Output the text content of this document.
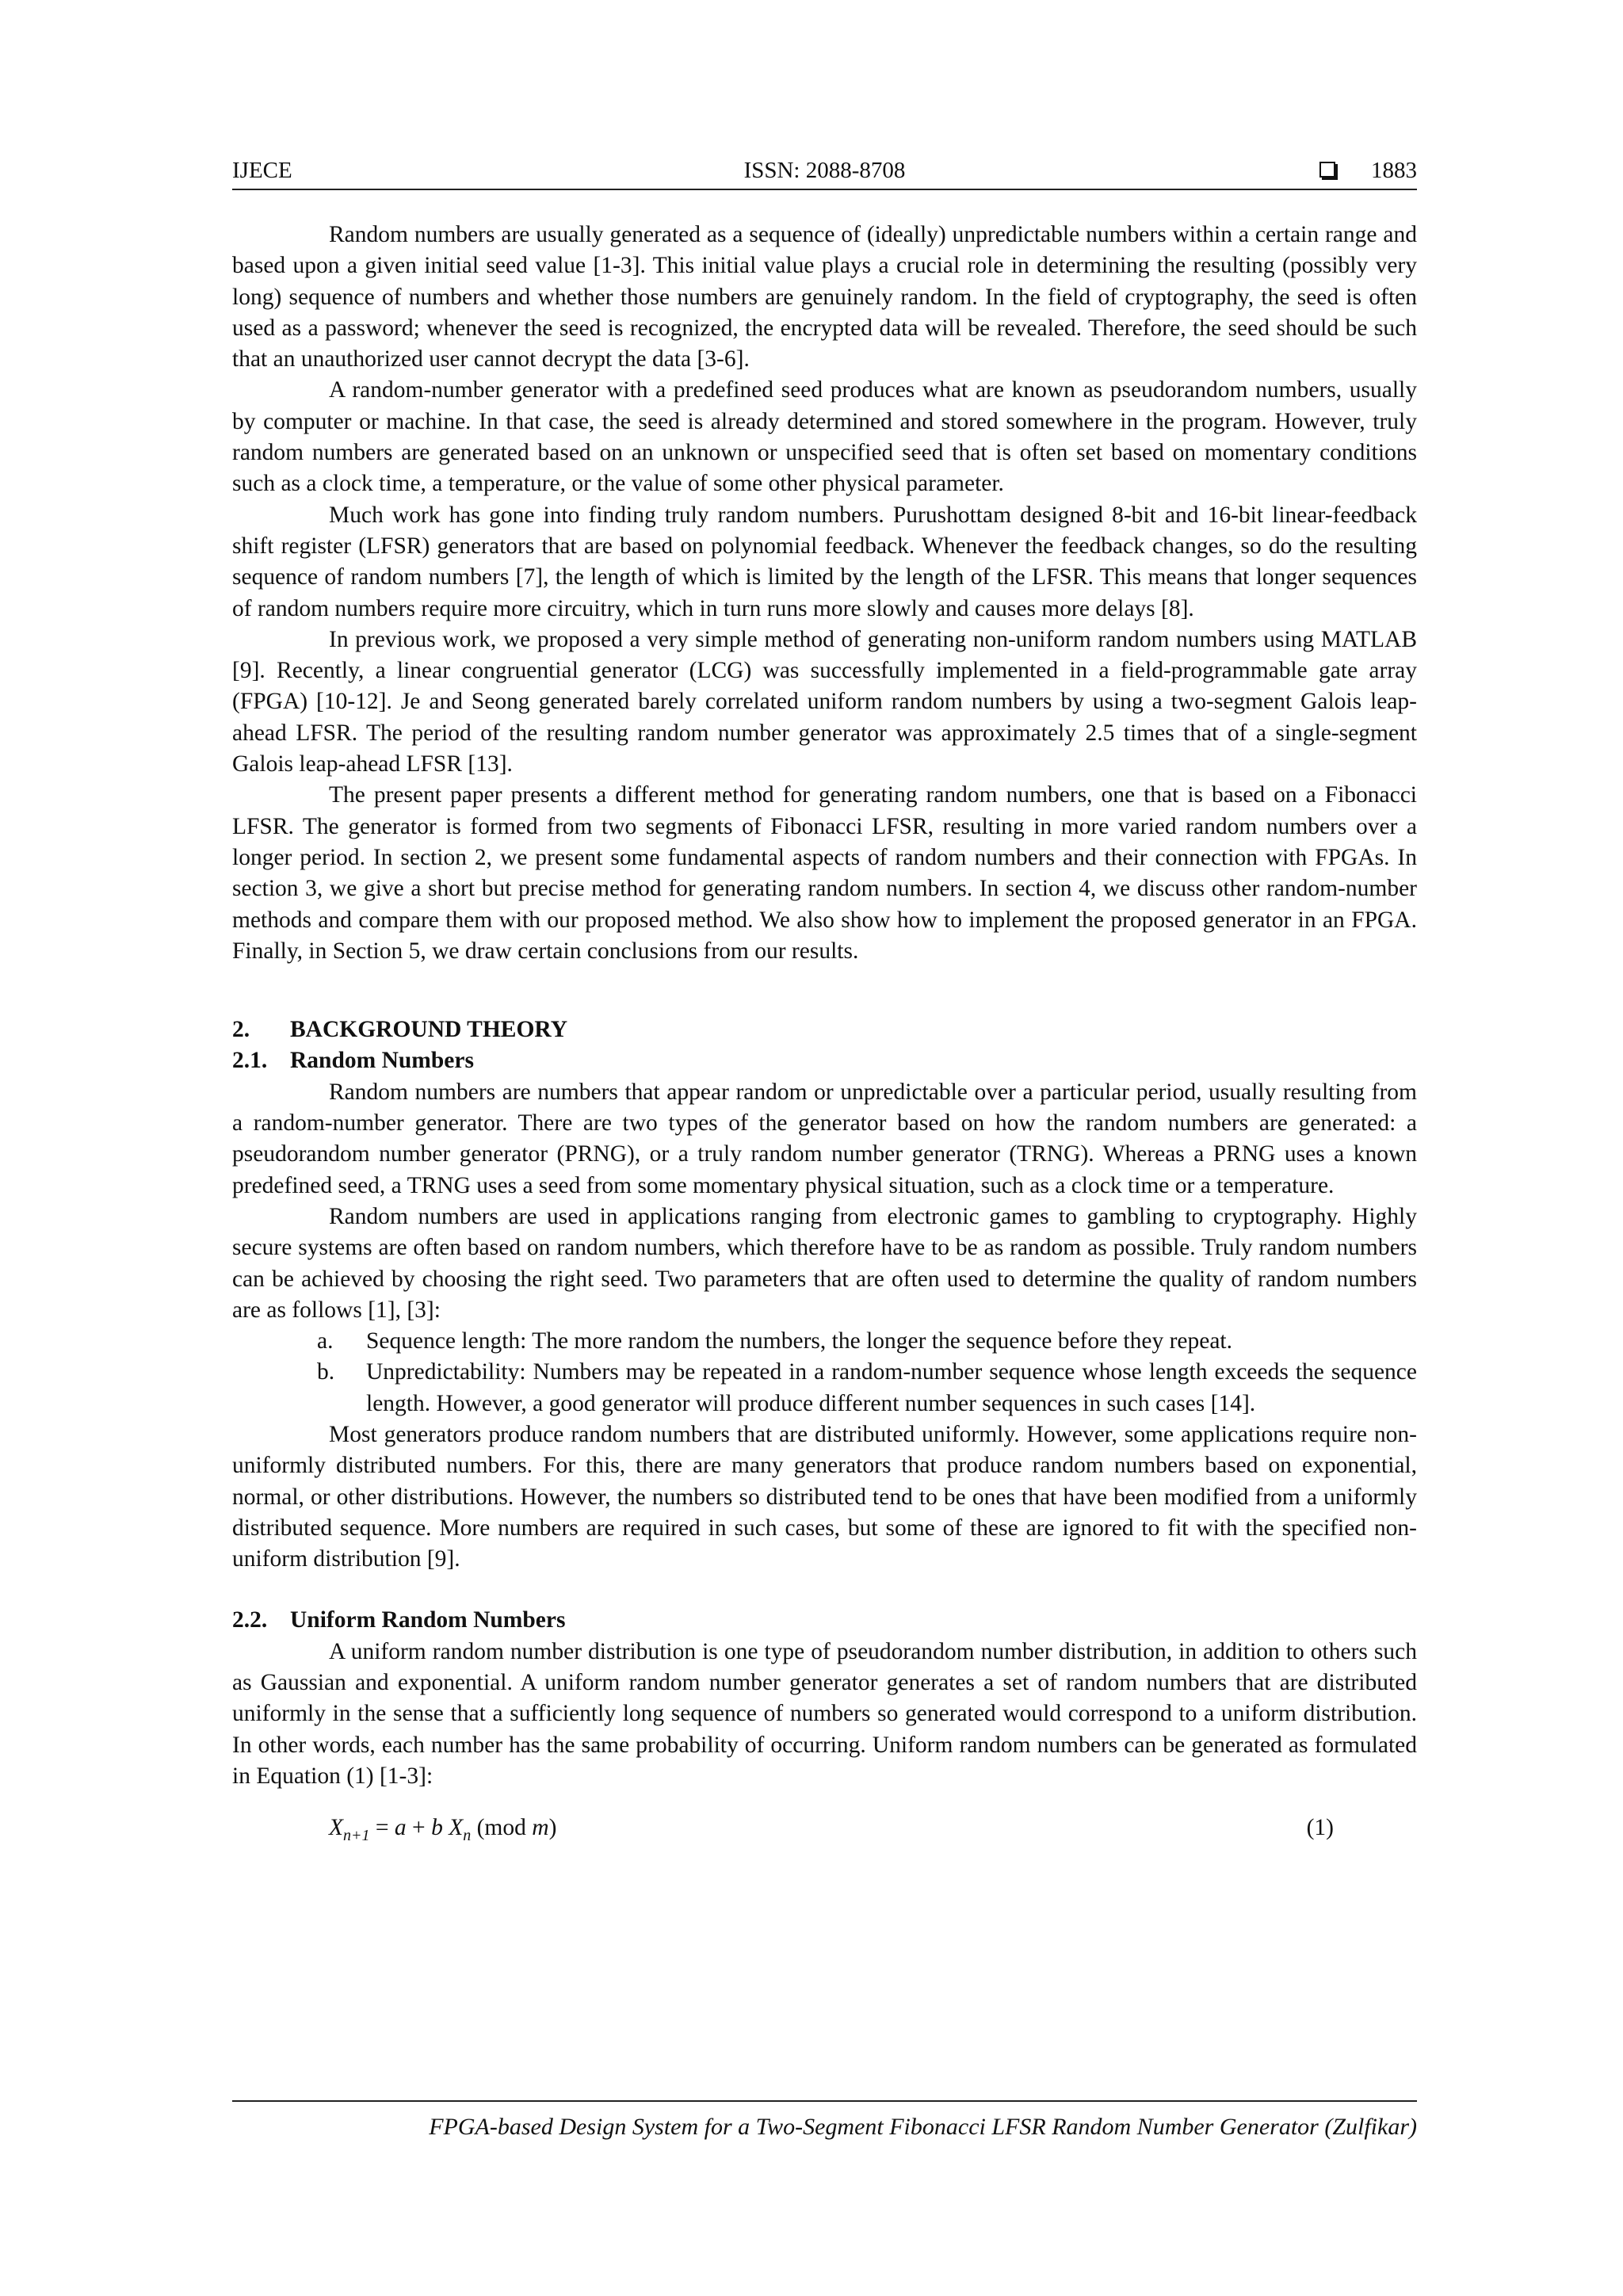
IJECE	ISSN: 2088-8708	1883

Random numbers are usually generated as a sequence of (ideally) unpredictable numbers within a certain range and based upon a given initial seed value [1-3]. This initial value plays a crucial role in determining the resulting (possibly very long) sequence of numbers and whether those numbers are genuinely random. In the field of cryptography, the seed is often used as a password; whenever the seed is recognized, the encrypted data will be revealed. Therefore, the seed should be such that an unauthorized user cannot decrypt the data [3-6].

A random-number generator with a predefined seed produces what are known as pseudorandom numbers, usually by computer or machine. In that case, the seed is already determined and stored somewhere in the program. However, truly random numbers are generated based on an unknown or unspecified seed that is often set based on momentary conditions such as a clock time, a temperature, or the value of some other physical parameter.

Much work has gone into finding truly random numbers. Purushottam designed 8-bit and 16-bit linear-feedback shift register (LFSR) generators that are based on polynomial feedback. Whenever the feedback changes, so do the resulting sequence of random numbers [7], the length of which is limited by the length of the LFSR. This means that longer sequences of random numbers require more circuitry, which in turn runs more slowly and causes more delays [8].

In previous work, we proposed a very simple method of generating non-uniform random numbers using MATLAB [9]. Recently, a linear congruential generator (LCG) was successfully implemented in a field-programmable gate array (FPGA) [10-12]. Je and Seong generated barely correlated uniform random numbers by using a two-segment Galois leap-ahead LFSR. The period of the resulting random number generator was approximately 2.5 times that of a single-segment Galois leap-ahead LFSR [13].

The present paper presents a different method for generating random numbers, one that is based on a Fibonacci LFSR. The generator is formed from two segments of Fibonacci LFSR, resulting in more varied random numbers over a longer period. In section 2, we present some fundamental aspects of random numbers and their connection with FPGAs. In section 3, we give a short but precise method for generating random numbers. In section 4, we discuss other random-number methods and compare them with our proposed method. We also show how to implement the proposed generator in an FPGA. Finally, in Section 5, we draw certain conclusions from our results.

2. BACKGROUND THEORY
2.1. Random Numbers

Random numbers are numbers that appear random or unpredictable over a particular period, usually resulting from a random-number generator. There are two types of the generator based on how the random numbers are generated: a pseudorandom number generator (PRNG), or a truly random number generator (TRNG). Whereas a PRNG uses a known predefined seed, a TRNG uses a seed from some momentary physical situation, such as a clock time or a temperature.

Random numbers are used in applications ranging from electronic games to gambling to cryptography. Highly secure systems are often based on random numbers, which therefore have to be as random as possible. Truly random numbers can be achieved by choosing the right seed. Two parameters that are often used to determine the quality of random numbers are as follows [1], [3]:

a. Sequence length: The more random the numbers, the longer the sequence before they repeat.
b. Unpredictability: Numbers may be repeated in a random-number sequence whose length exceeds the sequence length. However, a good generator will produce different number sequences in such cases [14].

Most generators produce random numbers that are distributed uniformly. However, some applications require non-uniformly distributed numbers. For this, there are many generators that produce random numbers based on exponential, normal, or other distributions. However, the numbers so distributed tend to be ones that have been modified from a uniformly distributed sequence. More numbers are required in such cases, but some of these are ignored to fit with the specified non-uniform distribution [9].

2.2. Uniform Random Numbers

A uniform random number distribution is one type of pseudorandom number distribution, in addition to others such as Gaussian and exponential. A uniform random number generator generates a set of random numbers that are distributed uniformly in the sense that a sufficiently long sequence of numbers so generated would correspond to a uniform distribution. In other words, each number has the same probability of occurring. Uniform random numbers can be generated as formulated in Equation (1) [1-3]:

$X_{n+1} = a + b$ $X_n$ (mod m)	(1)
FPGA-based Design System for a Two-Segment Fibonacci LFSR Random Number Generator (Zulfikar)
